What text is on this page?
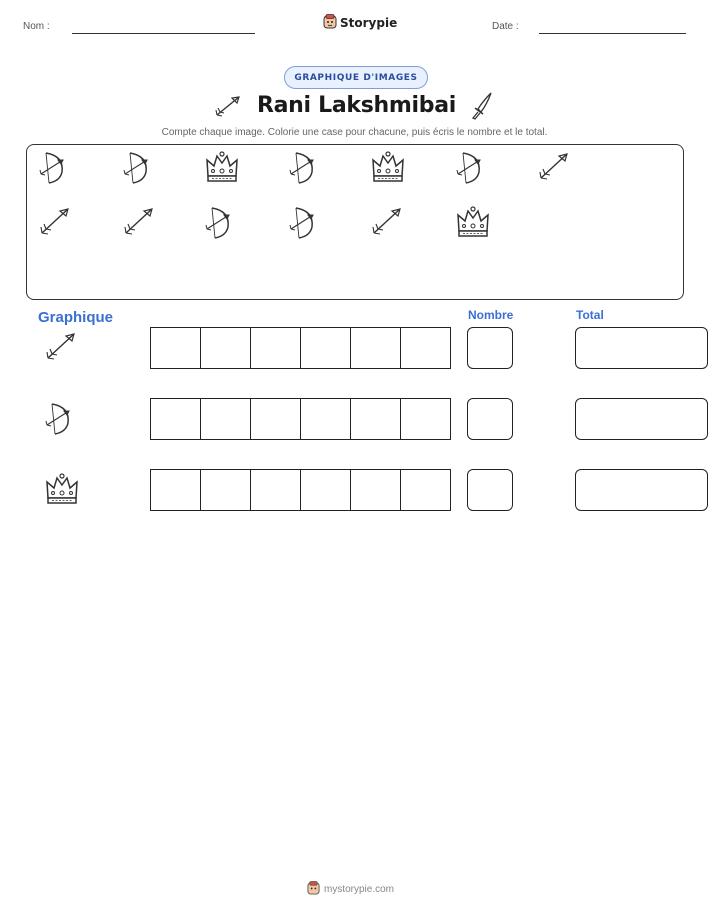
Nom :	Storypie	Date :
GRAPHIQUE D'IMAGES
Rani Lakshmibai
Compte chaque image. Colorie une case pour chacune, puis écris le nombre et le total.
Graphique	Nombre	Total
mystorypie.com
